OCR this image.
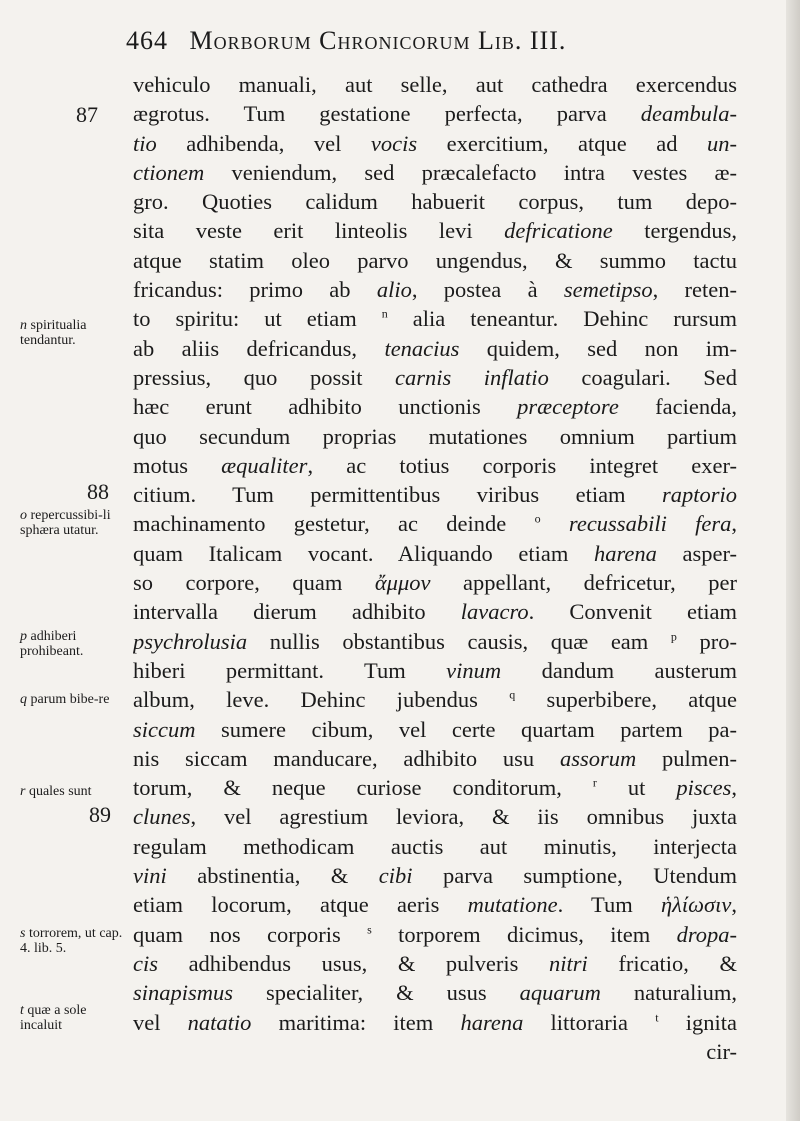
464 Morborum Chronicorum Lib. III.
vehiculo manuali, aut selle, aut cathedra exercendus
ægrotus. Tum gestatione perfecta, parva deambula-
tio adhibenda, vel vocis exercitium, atque ad un-
ctionem veniendum, sed præcalefacto intra vestes æ-
gro. Quoties calidum habuerit corpus, tum depo-
sita veste erit linteolis levi defricatione tergendus,
atque statim oleo parvo ungendus, & summo tactu
fricandus: primo ab alio, postea à semetipso, reten-
to spiritu: ut etiam $^n$ alia teneantur. Dehinc rursum
ab aliis defricandus, tenacius quidem, sed non im-
pressius, quo possit carnis inflatio coagulari. Sed
hæc erunt adhibito unctionis præceptore facienda,
quo secundum proprias mutationes omnium partium
motus æqualiter, ac totius corporis integret exer-
citium. Tum permittentibus viribus etiam raptorio
machinamento gestetur, ac deinde $^o$ recussabili fera,
quam Italicam vocant. Aliquando etiam harena asper-
so corpore, quam ἄμμον appellant, defricetur, per
intervalla dierum adhibito lavacro. Convenit etiam
psychrolusia nullis obstantibus causis, quæ eam $^p$ pro-
hiberi permittant. Tum vinum dandum austerum
album, leve. Dehinc jubendus $^q$ superbibere, atque
siccum sumere cibum, vel certe quartam partem pa-
nis siccam manducare, adhibito usu assorum pulmen-
torum, & neque curiose conditorum, $^r$ ut pisces,
clunes, vel agrestium leviora, & iis omnibus juxta
regulam methodicam auctis aut minutis, interjecta
vini abstinentia, & cibi parva sumptione, Utendum
etiam locorum, atque aeris mutatione. Tum ἡλίωσιν,
quam nos corporis $^s$ torporem dicimus, item dropa-
cis adhibendus usus, & pulveris nitri fricatio, &
sinapismus specialiter, & usus aquarum naturalium,
vel natatio maritima: item harena littoraria $^t$ ignita
cir-
87
88
89
n spiritualia tendantur.
o repercussibi-li sphæra utatur.
p adhiberi prohibeant.
q parum bibe-re
r quales sunt
s torrorem, ut cap. 4. lib. 5.
t quæ a sole incaluit
